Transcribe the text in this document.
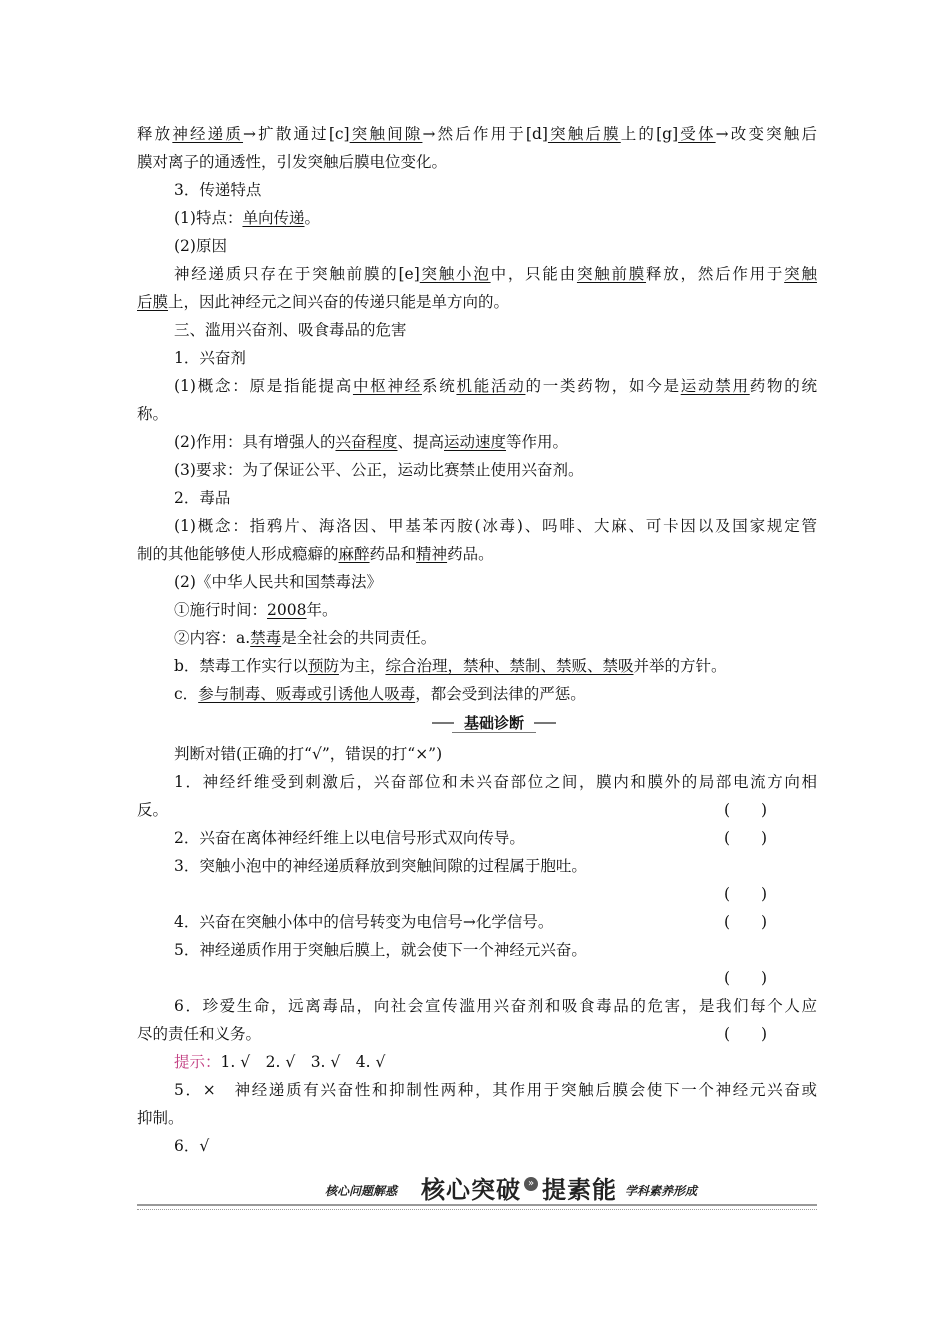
释放神经递质→扩散通过[c]突触间隙→然后作用于[d]突触后膜上的[g]受体→改变突触后
膜对离子的通透性，引发突触后膜电位变化。
3．传递特点
(1)特点：单向传递。
(2)原因
神经递质只存在于突触前膜的[e]突触小泡中，只能由突触前膜释放，然后作用于突触
后膜上，因此神经元之间兴奋的传递只能是单方向的。
三、滥用兴奋剂、吸食毒品的危害
1．兴奋剂
(1)概念：原是指能提高中枢神经系统机能活动的一类药物，如今是运动禁用药物的统
称。
(2)作用：具有增强人的兴奋程度、提高运动速度等作用。
(3)要求：为了保证公平、公正，运动比赛禁止使用兴奋剂。
2．毒品
(1)概念：指鸦片、海洛因、甲基苯丙胺(冰毒)、吗啡、大麻、可卡因以及国家规定管
制的其他能够使人形成瘾癖的麻醉药品和精神药品。
(2)《中华人民共和国禁毒法》
①施行时间：2008年。
②内容：a.禁毒是全社会的共同责任。
b．禁毒工作实行以预防为主，综合治理，禁种、禁制、禁贩、禁吸并举的方针。
c．参与制毒、贩毒或引诱他人吸毒，都会受到法律的严惩。
基础诊断
判断对错(正确的打“√”，错误的打“×”)
1．神经纤维受到刺激后，兴奋部位和未兴奋部位之间，膜内和膜外的局部电流方向相
反。	(　　)
2．兴奋在离体神经纤维上以电信号形式双向传导。	(　　)
3．突触小泡中的神经递质释放到突触间隙的过程属于胞吐。
(　　)
4．兴奋在突触小体中的信号转变为电信号→化学信号。	(　　)
5．神经递质作用于突触后膜上，就会使下一个神经元兴奋。
(　　)
6．珍爱生命，远离毒品，向社会宣传滥用兴奋剂和吸食毒品的危害，是我们每个人应
尽的责任和义务。	(　　)
提示：1. √　2. √　3. √　4. √
5．×　神经递质有兴奋性和抑制性两种，其作用于突触后膜会使下一个神经元兴奋或
抑制。
6．√
核心问题解惑 核心突破 » 提素能 学科素养形成
